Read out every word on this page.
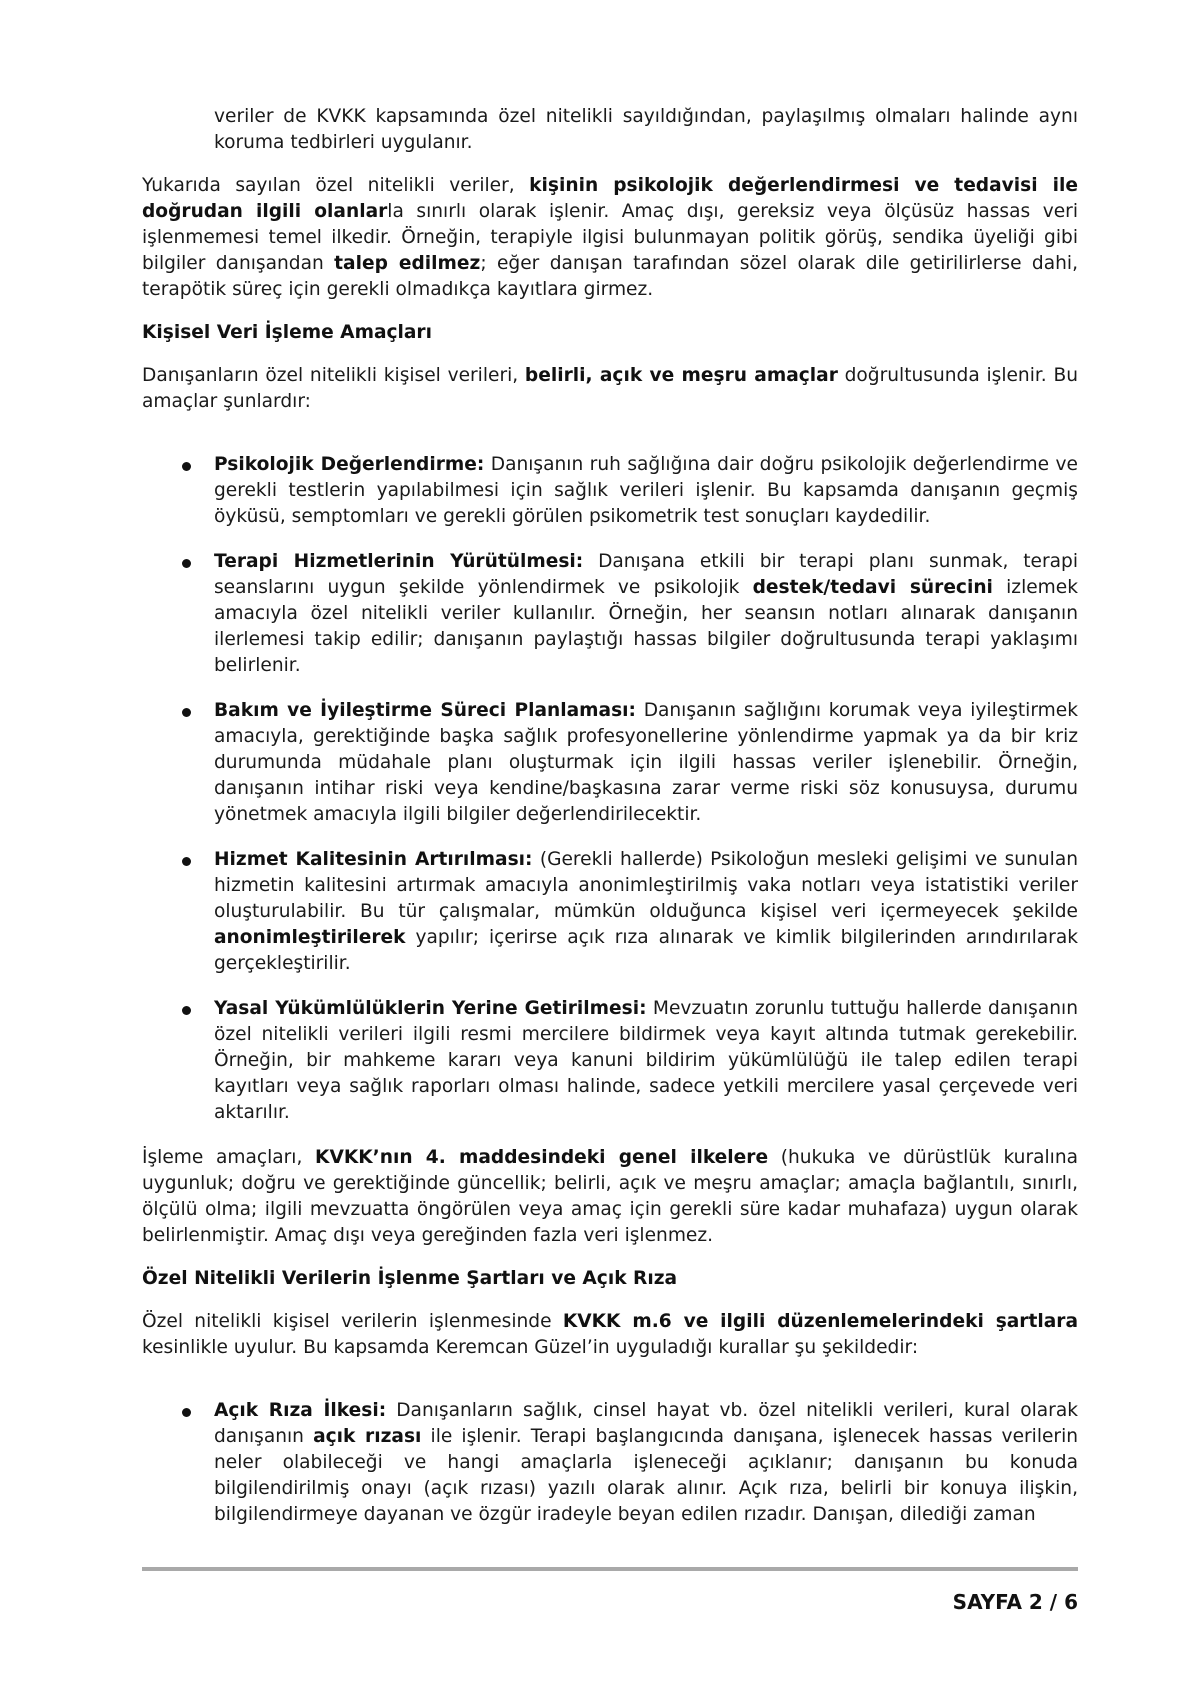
veriler de KVKK kapsamında özel nitelikli sayıldığından, paylaşılmış olmaları halinde aynı koruma tedbirleri uygulanır.

Yukarıda sayılan özel nitelikli veriler, kişinin psikolojik değerlendirmesi ve tedavisi ile doğrudan ilgili olanlarla sınırlı olarak işlenir. Amaç dışı, gereksiz veya ölçüsüz hassas veri işlenmemesi temel ilkedir. Örneğin, terapiyle ilgisi bulunmayan politik görüş, sendika üyeliği gibi bilgiler danışandan talep edilmez; eğer danışan tarafından sözel olarak dile getirilirlerse dahi, terapötik süreç için gerekli olmadıkça kayıtlara girmez.

Kişisel Veri İşleme Amaçları

Danışanların özel nitelikli kişisel verileri, belirli, açık ve meşru amaçlar doğrultusunda işlenir. Bu amaçlar şunlardır:

Psikolojik Değerlendirme: Danışanın ruh sağlığına dair doğru psikolojik değerlendirme ve gerekli testlerin yapılabilmesi için sağlık verileri işlenir. Bu kapsamda danışanın geçmiş öyküsü, semptomları ve gerekli görülen psikometrik test sonuçları kaydedilir.

Terapi Hizmetlerinin Yürütülmesi: Danışana etkili bir terapi planı sunmak, terapi seanslarını uygun şekilde yönlendirmek ve psikolojik destek/tedavi sürecini izlemek amacıyla özel nitelikli veriler kullanılır. Örneğin, her seansın notları alınarak danışanın ilerlemesi takip edilir; danışanın paylaştığı hassas bilgiler doğrultusunda terapi yaklaşımı belirlenir.

Bakım ve İyileştirme Süreci Planlaması: Danışanın sağlığını korumak veya iyileştirmek amacıyla, gerektiğinde başka sağlık profesyonellerine yönlendirme yapmak ya da bir kriz durumunda müdahale planı oluşturmak için ilgili hassas veriler işlenebilir. Örneğin, danışanın intihar riski veya kendine/başkasına zarar verme riski söz konusuysa, durumu yönetmek amacıyla ilgili bilgiler değerlendirilecektir.

Hizmet Kalitesinin Artırılması: (Gerekli hallerde) Psikoloğun mesleki gelişimi ve sunulan hizmetin kalitesini artırmak amacıyla anonimleştirilmiş vaka notları veya istatistiki veriler oluşturulabilir. Bu tür çalışmalar, mümkün olduğunca kişisel veri içermeyecek şekilde anonimleştirilerek yapılır; içerirse açık rıza alınarak ve kimlik bilgilerinden arındırılarak gerçekleştirilir.

Yasal Yükümlülüklerin Yerine Getirilmesi: Mevzuatın zorunlu tuttuğu hallerde danışanın özel nitelikli verileri ilgili resmi mercilere bildirmek veya kayıt altında tutmak gerekebilir. Örneğin, bir mahkeme kararı veya kanuni bildirim yükümlülüğü ile talep edilen terapi kayıtları veya sağlık raporları olması halinde, sadece yetkili mercilere yasal çerçevede veri aktarılır.

İşleme amaçları, KVKK’nın 4. maddesindeki genel ilkelere (hukuka ve dürüstlük kuralına uygunluk; doğru ve gerektiğinde güncellik; belirli, açık ve meşru amaçlar; amaçla bağlantılı, sınırlı, ölçülü olma; ilgili mevzuatta öngörülen veya amaç için gerekli süre kadar muhafaza) uygun olarak belirlenmiştir. Amaç dışı veya gereğinden fazla veri işlenmez.

Özel Nitelikli Verilerin İşlenme Şartları ve Açık Rıza

Özel nitelikli kişisel verilerin işlenmesinde KVKK m.6 ve ilgili düzenlemelerindeki şartlara kesinlikle uyulur. Bu kapsamda Keremcan Güzel’in uyguladığı kurallar şu şekildedir:

Açık Rıza İlkesi: Danışanların sağlık, cinsel hayat vb. özel nitelikli verileri, kural olarak danışanın açık rızası ile işlenir. Terapi başlangıcında danışana, işlenecek hassas verilerin neler olabileceği ve hangi amaçlarla işleneceği açıklanır; danışanın bu konuda bilgilendirilmiş onayı (açık rızası) yazılı olarak alınır. Açık rıza, belirli bir konuya ilişkin, bilgilendirmeye dayanan ve özgür iradeyle beyan edilen rızadır. Danışan, dilediği zaman

SAYFA 2 / 6
